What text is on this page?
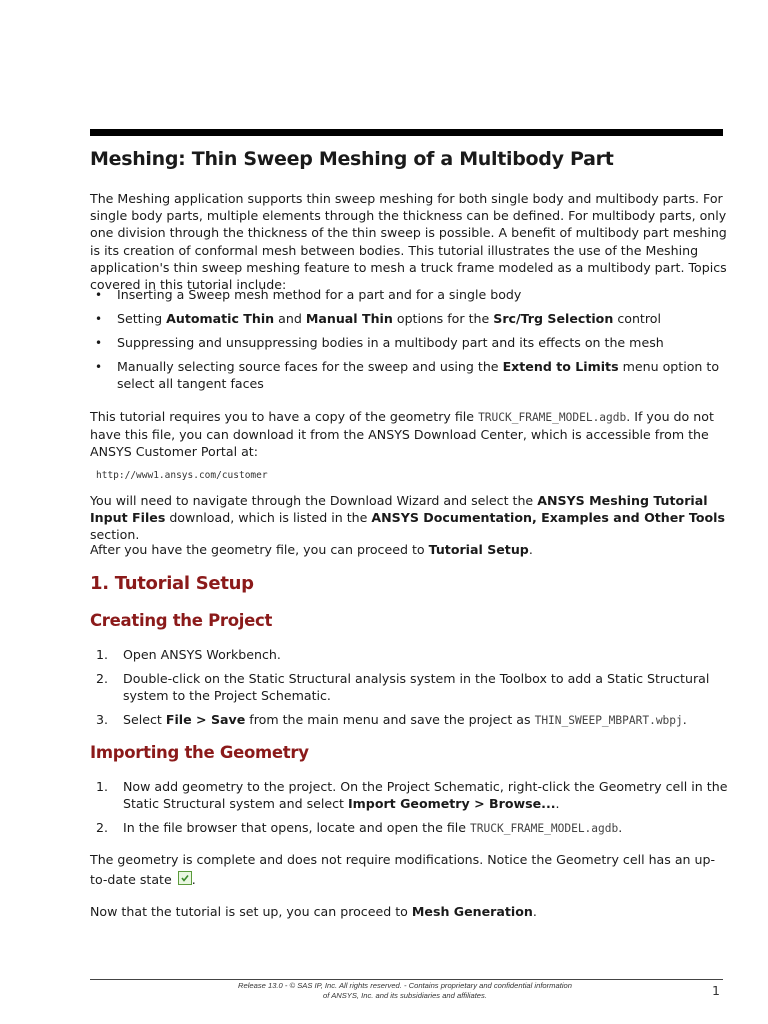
Meshing: Thin Sweep Meshing of a Multibody Part

The Meshing application supports thin sweep meshing for both single body and multibody parts. For single body parts, multiple elements through the thickness can be defined. For multibody parts, only one division through the thickness of the thin sweep is possible. A benefit of multibody part meshing is its creation of conformal mesh between bodies. This tutorial illustrates the use of the Meshing application's thin sweep meshing feature to mesh a truck frame modeled as a multibody part. Topics covered in this tutorial include:

• Inserting a Sweep mesh method for a part and for a single body
• Setting Automatic Thin and Manual Thin options for the Src/Trg Selection control
• Suppressing and unsuppressing bodies in a multibody part and its effects on the mesh
• Manually selecting source faces for the sweep and using the Extend to Limits menu option to select all tangent faces

This tutorial requires you to have a copy of the geometry file TRUCK_FRAME_MODEL.agdb. If you do not have this file, you can download it from the ANSYS Download Center, which is accessible from the ANSYS Customer Portal at:

http://www1.ansys.com/customer

You will need to navigate through the Download Wizard and select the ANSYS Meshing Tutorial Input Files download, which is listed in the ANSYS Documentation, Examples and Other Tools section.

After you have the geometry file, you can proceed to Tutorial Setup.

1. Tutorial Setup
Creating the Project
1. Open ANSYS Workbench.
2. Double-click on the Static Structural analysis system in the Toolbox to add a Static Structural system to the Project Schematic.
3. Select File > Save from the main menu and save the project as THIN_SWEEP_MBPART.wbpj.
Importing the Geometry
1. Now add geometry to the project. On the Project Schematic, right-click the Geometry cell in the Static Structural system and select Import Geometry > Browse....
2. In the file browser that opens, locate and open the file TRUCK_FRAME_MODEL.agdb.

The geometry is complete and does not require modifications. Notice the Geometry cell has an up-to-date state .

Now that the tutorial is set up, you can proceed to Mesh Generation.

Release 13.0 - © SAS IP, Inc. All rights reserved. - Contains proprietary and confidential information
of ANSYS, Inc. and its subsidiaries and affiliates.	1
